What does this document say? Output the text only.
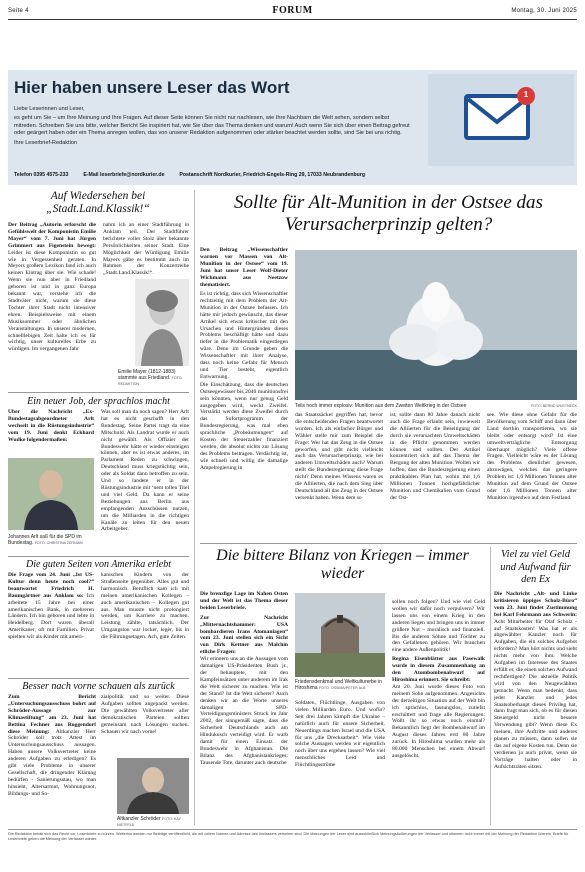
Seite 4	FORUM	Montag, 30. Juni 2025
Hier haben unsere Leser das Wort
Liebe Leserinnen und Leser,
es geht um Sie – um Ihre Meinung und Ihre Fragen. Auf dieser Seite können Sie nicht nur nachlesen, wie Ihre Nachbarn die Welt sehen, sondern selbst mitreden. Schreiben Sie uns bitte, welcher Bericht Sie inspiriert hat, wie Sie über das Thema denken und warum! Auch wenn Sie sich über einen Beitrag gefreut oder geärgert haben oder ein Thema anregen wollen, das von unserer Redaktion aufgenommen oder stärker beachtet werden sollte, sind Sie bei uns richtig.
Ihre Leserbrief-Redaktion
Telefon 0395 4575-233	E-Mail leserbriefe@nordkurier.de	Postanschrift Nordkurier, Friedrich-Engels-Ring 29, 17033 Neubrandenburg
1
Auf Wiedersehen bei „Stadt.Land.Klassik!“
Der Beitrag „Autorin erforscht die Gefühlswelt der Komponistin Emilie Mayer“ vom 7. Juni hat Jürgen Grimmert aus Figenstein bewegt: Leider ist diese Komponistin so gut wie in Vergessenheit geraten. In Meyers großem Lexikon fand ich auch keinen Eintrag über sie. Wie schade! Wenn sie nun aber in Friedland geboren ist und in ganz Europa bekannt war, verstehe ich die Stadtväter nicht, warum sie diese Tochter ihrer Stadt nicht intensiver ehren. Beispielsweise mit einem Musiksommer oder ähnlichen Veranstaltungen. In unserer modernen, schnelllebigen Zeit halte ich es für wichtig, unser kulturelles Erbe zu würdigen. Im vergangenen Jahr
nahm ich an einer Stadtführung in Anklam teil. Der Stadtführer berichtete voller Stolz über bekannte Persönlichkeiten seiner Stadt. Eine Möglichkeit der Würdigung Emilie Mayers gäbe es bestimmt auch im Rahmen der Konzertreihe „Stadt.Land.Klassik!“.
Emilie Mayer (1812-1883) stammte aus Friedland. FOTO: REDAKTION
Ein neuer Job, der sprachlos macht
Über die Nachricht „Ex-Bundestagsabgeordneter Arlt wechselt in die Rüstungsindustrie“ vom 19. Juni denkt Eckhard Wudke folgendermaßen:
Johannes Arlt saß für die SPD im Bundestag. FOTO: CHRISTINA ZERNIAN
Was soll man da noch sagen? Herr Arlt hat es nicht geschafft in den Bundestag. Seine Partei tragt da eine Mitschuld. Als Landrat wurde er auch nicht gewählt. Als Offizier der Bundeswehr hätte er wieder einsteigen können, aber es ist etwas anderes, im Parlament Reden zu schwingen, Deutschland muss kriegstüchtig sein, oder als Soldat dann betroffen zu sein. Und so landete er in der Rüstungsindustrie mit ‘nem tollen Titel und viel Geld. Da kann er seine Beziehungen aus Berlin aus empfangenden Ausschüssen nutzen, um die Milliarden in die richtigen Kanäle zu leiten für den neuen Arbeitgeber.
Die guten Seiten von Amerika erlebt
Die Frage vom 24. Juni „Ist US-Kultur denn heute noch cool?“ beantwortet Friedrich H. Baumgärtner aus Anklam so: Ich arbeitete 15 Jahre bei einer amerikanischen Bank, in mehreren Ländern. Ich bin geboren und lebte in Heidelberg. Dort waren überall Amerikaner, oft mit Familien. Privat spielten wir als Kinder mit ameri-
kanischen Kindern von der Straßenseite gegenüber. Alles gut und harmonisch. Beruflich kam ich mit meinen amerikanischen Kollegen – auch amerikanischen – Kollegen gut aus. Man musste nicht prolongiert werden, um Karriere zu machen. Leistung zählte, tatsächlich. Der Umgangston war locker, legèr, bis in die Führungsetagen. Ach, gute Zeiten.
Besser nach vorne schauen als zurück
Zum Bericht „Untersuchungsausschuss bohrt auf Schröder-Aussage zur Klimastiftung“ am 23. Juni hat Bettina Fechner aus Roggendorf diese Meinung: Altkanzler Herr Schröder soll trotz Attest im Untersuchungsausschuss aussagen. Haben unsere Volksvertreter keine anderen Aufgaben zu erledigen? Es gibt viele Probleme in unserer Gesellschaft, die dringender Klärung bedürfen - Sanierungsstau, wo man hinsieht, Altersarmut, Wohnungsnot, Bildungs- und So-
zialpolitik und so weiter. Diese Aufgaben sollten angepackt werden. Die gewählten Volksvertreter aller demokratischen Parteien sollten gemeinsam nach Lösungen suchen. Schauen wir nach vorne!
Altkanzler Schröder FOTO: KAY NIETFELD
Sollte für Alt-Munition in der Ostsee das Verursacherprinzip gelten?
Den Beitrag „Wissenschaftler warnen vor Massen von Alt-Munition in der Ostsee“ vom 19. Juni hat unser Leser Wolf-Dieter Wichmann aus Neetzow thematisiert.
Es ist richtig, dass sich Wissenschaftler rechtzeitig mit dem Problem der Alt-Munition in der Ostsee befassen. Ich hätte mir jedoch gewünscht, das dieser Artikel sich etwas kritischer mit den Ursachen und Hintergründen dieses Problems beschäftigt hätte und dazu tiefer in die Problematik eingestiegen wäre. Denn im Grunde geben die Wissenschaftler mit ihrer Analyse, dass noch keine Gefahr für Mensch und Tier besteht, eigentlich Entwarnung.
Die Einschätzung, dass die deutschen Ostseegewässer bis 2040 munitionsfrei sein könnten, wenn nur genug Geld ausgegeben wird, weckt Zweifel. Verstärkt werden diese Zweifel durch das Sofortprogramm der Bundesregierung, was mal eben sprachliche „Probeäumungen“ auf Kosten der Steuerzahler finanziert werden, die absolut nichts zur Lösung des Problems beitragen. Verdächtig ist, wie schnell und willig die damalige Ampelregierung in
Teils noch immer explosiv: Munition aus dem Zweiten Weltkrieg in der Ostsee	FOTO: BERND WÜSTNECK
das Staatssäckel gegriffen hat, bevor die entscheidenden Fragen beantwortet wurden. Ich als einfacher Bürger und Wähler stelle mir zum Beispiel die Frage: Wer hat das Zeug in die Ostsee geworfen, und gibt nicht vielleicht auch das Verursacherprinzip, wie bei anderen Umweltschäden auch? Warum stellt die Bundesregierung diese Frage nicht? Denn meines Wissens waren es die Alliierten, die nach dem Sieg über Deutschland all das Zeug in der Ostsee versenkt haben. Wenn dem so
ist, sollte dann 80 Jahre danach nicht auch die Frage erlaubt sein, inwieweit die Alliierten für die Beseitigung der durch sie verursachten Umweltschäden in die Pflicht genommen werden können und sollten. Der Artikel konzentriert sich auf das Thema der Bergung der alten Munition. Wollen wir hoffen, dass die Bundesregierung einen praktikablen Plan hat, wohin mit 1,6 Millionen Tonnen hochgefährlicher Munition und Chemikalien vom Grund der Ost-
see. Wie diese ohne Gefahr für die Bevölkerung vom Schiff und dann über Land dorthin transportieren, wo sie bleibt oder entsorgt wird? Ist eine umweltverträgliche Entsorgung überhaupt möglich? Viele offene Fragen. Vielleicht wäre es der Lösung des Problems dienlicher gewesen, abzuwägen, welches das geringere Problem ist: 1,6 Millionen Tonnen alter Munition auf dem Grund der Ostsee oder 1,6 Millionen Tonnen alter Munition irgendwo auf dem Festland.
Die bittere Bilanz von Kriegen – immer wieder
Die brenzlige Lage im Nahen Osten und der Welt ist das Thema dieser beiden Leserbriefe.
Zur Nachricht „Mitternachtshammer: USA bombardieren Irans Atomanlagen“ vom 23. Juni stellen sich ein Sicht von Dirk Kettner aus Malchin etliche Fragen:
Wir erinnern uns an die Aussagen vom damaligen US-Präsidenten Bush jr., der behauptete, mit den Kampfeinsätzen unter anderem im Irak die Welt sicherer zu machen. Wie ist der Stand? Ist die Welt sicherer? Auch denken wir an die Worte unseres damaligen SPD-Verteidigungsministers Struck im Jahr 2002, der sinngemäß sagte, dass die Sicherheit Deutschlands auch am Hindukusch verteidigt wird. Er warb damit für einen Einsatz der Bundeswehr in Afghanistan. Die Bilanz des Afghanistankrieges: Tausende Tote, darunter auch deutsche
Friedensdenkmal und Weltkulturerbe in Hiroshima FOTO: OSSIMA/PETER ALB
Soldaten, Flüchtlinge, Ausgaben von vielen Milliarden Euro. Und wofür? Seit drei Jahren kämpft die Ukraine – natürlich auch für unsere Sicherheit. Neuerdings machen Israel und die USA für uns „die Drecksarbeit“. Wie viele solche Aussagen werden wir eigentlich noch über uns ergehen lassen? Wie viel menschliches Leid und Flüchtlingsströme
sollen noch folgen? Und wie viel Geld wollen wir dafür noch verpulvern? Wir lassen uns von einem Krieg in den anderen liegen und bringen uns in immer größere Not – moralisch und finanziell. Bis die anderen Söhne und Töchter zu den Gefallenen gehören. Wir brauchen eine andere Außenpolitik!
Regina Eisenblätter aus Pasewalk wurde in diesem Zusammenhang an den Atombombenabwurf auf Hiroshima erinnert. Sie schreibt:
Am 20. Juni wurde dieses Foto von meinem Sohn aufgenommen. Angesichts der derzeitigen Situation auf der Welt bin ich sprachlos, fassungslos, zutiefst erschüttert und frage alle Regierungen: Wollt ihr so etwas noch einmal? Bekanntlich liegt der Bombenabwurf im August dieses Jahres erst 80 Jahre zurück. In Hiroshima wurden mehr als 80.000 Menschen bei einem Abwurf ausgelöscht.
Viel zu viel Geld und Aufwand für den Ex
Die Nachricht „Alt- und Linke kritisieren üppiges Scholz-Büro“ vom 23. Juni findet Zustimmung bei Karl Fehrmann aus Schwerin: Acht Mitarbeiter für Olaf Scholz - auf Staatskosten! Was hat er als abgewählter Kanzler noch für Aufgaben, die ein solches Aufgebot erfordern? Man hört nichts und sieht nichts mehr von ihm. Welche Aufgaben im Interesse des Staates erfüllt er, die einen solchen Aufwand rechtfertigen? Die aktuelle Politik wird von den Neugewählten gemacht. Wenn man bedenkt, dass jeder Kanzler und jedes Staatsoberhaupt dieses Privileg hat, dann fragt man sich, ob es für diesen Steuergeld nicht bessere Verwendung gibt? Wenn diese Ex meinen, ihre Auftritte und anderes planen zu müssen, dann sollen sie das auf eigene Kosten tun. Denn sie verdienen ja auch privat, wenn sie Vorträge halten oder in Aufsichtsräten sitzen.
Die Redaktion behält sich das Recht vor, Leserbriefe zu kürzen. Weiterhin werden nur Beiträge veröffentlicht, die mit vollem Namen und Adresse des Verfassers versehen sind. Die Meinungen der Leser sind ausschließlich Meinungsäußerungen der Verfasser und stimmen nicht immer mit der Meinung der Redaktion überein. Briefe für Leserbriefe geben die Meinung der Verfasser wieder.
